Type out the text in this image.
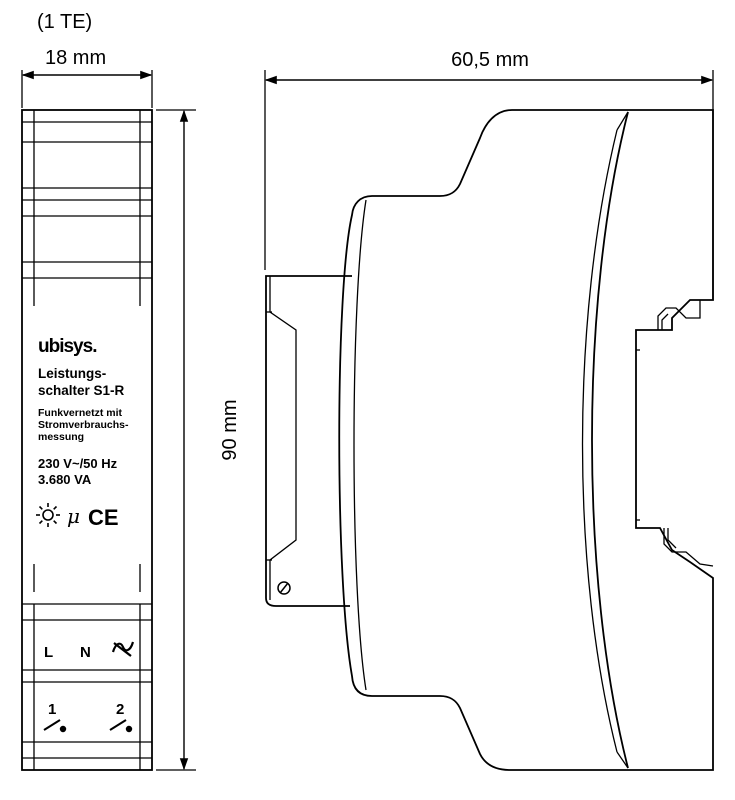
ubisys.
Leistungs-
schalter S1-R
Funkvernetzt mit
Stromverbrauchs-
messung
230 V~/50 Hz
3.680 VA
μ CE
L N
1	2
(1 TE)
18 mm
90 mm
60,5 mm
